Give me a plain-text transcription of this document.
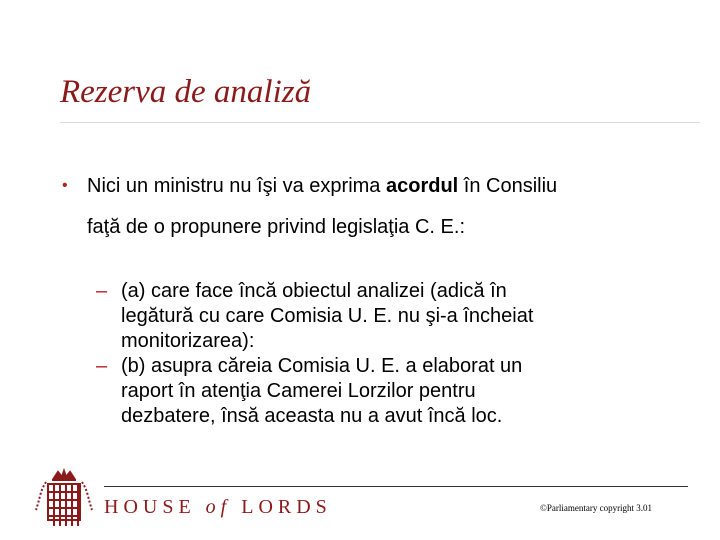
Rezerva de analiză
• Nici un ministru nu îşi va exprima acordul în Consiliu
faţă de o propunere privind legislaţia C. E.:
– (a) care face încă obiectul analizei (adică în
legătură cu care Comisia U. E. nu şi-a încheiat
monitorizarea):
– (b) asupra căreia Comisia U. E. a elaborat un
raport în atenţia Camerei Lorzilor pentru
dezbatere, însă aceasta nu a avut încă loc.
HOUSE of LORDS	©Parliamentary copyright 3.01
